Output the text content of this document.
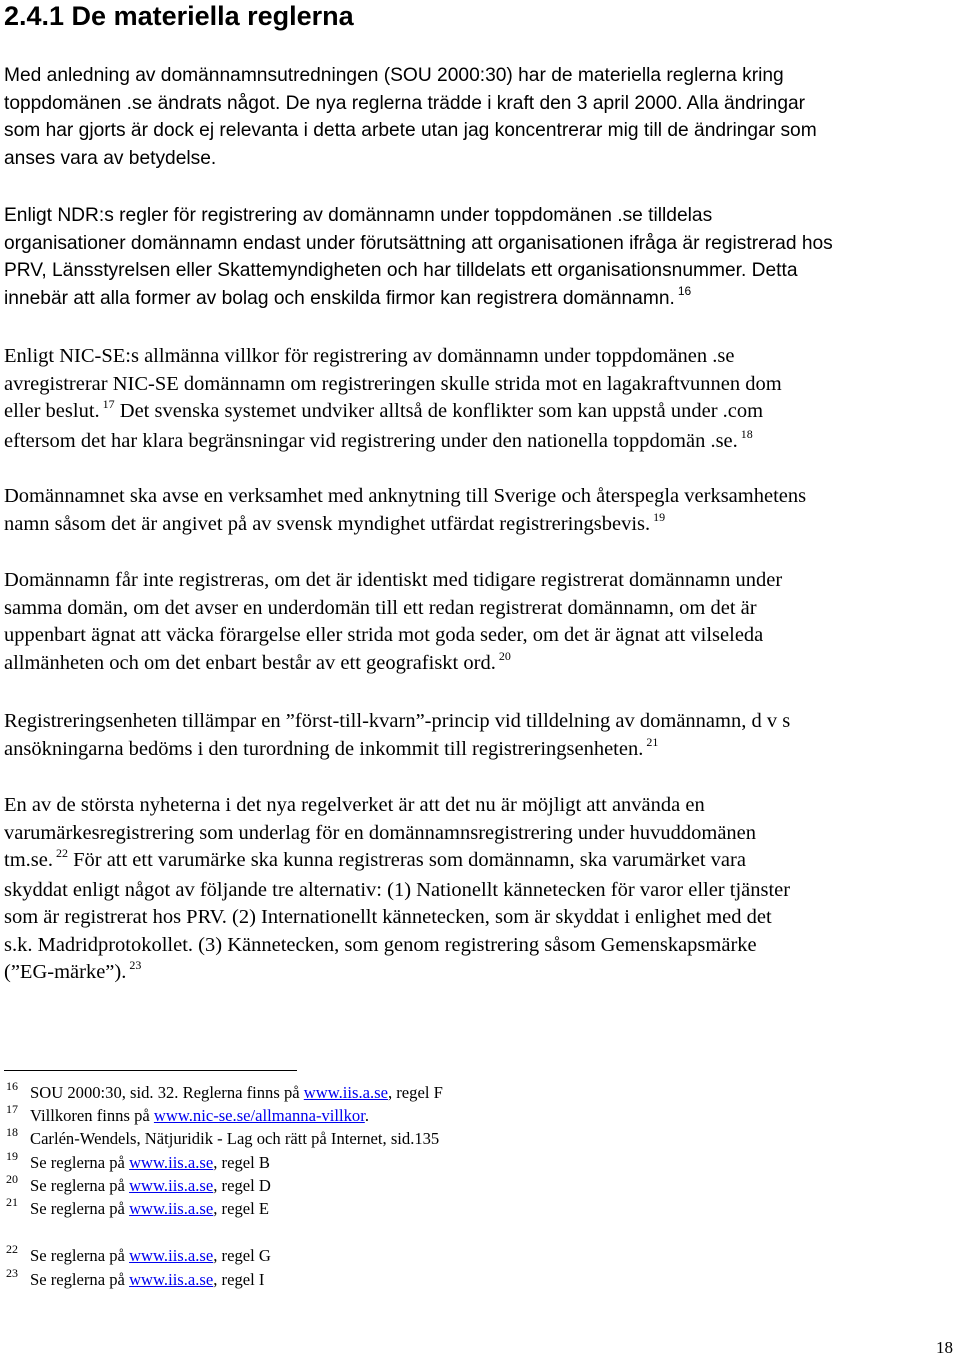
2.4.1 De materiella reglerna

Med anledning av domännamnsutredningen (SOU 2000:30) har de materiella reglerna kring
toppdomänen .se ändrats något. De nya reglerna trädde i kraft den 3 april 2000. Alla ändringar
som har gjorts är dock ej relevanta i detta arbete utan jag koncentrerar mig till de ändringar som
anses vara av betydelse.

Enligt NDR:s regler för registrering av domännamn under toppdomänen .se tilldelas
organisationer domännamn endast under förutsättning att organisationen ifråga är registrerad hos
PRV, Länsstyrelsen eller Skattemyndigheten och har tilldelats ett organisationsnummer. Detta
innebär att alla former av bolag och enskilda firmor kan registrera domännamn. $^{16}$

Enligt NIC-SE:s allmänna villkor för registrering av domännamn under toppdomänen .se
avregistrerar NIC-SE domännamn om registreringen skulle strida mot en lagakraftvunnen dom
eller beslut. $^{17}$ Det svenska systemet undviker alltså de konflikter som kan uppstå under .com
eftersom det har klara begränsningar vid registrering under den nationella toppdomän .se. $^{18}$

Domännamnet ska avse en verksamhet med anknytning till Sverige och återspegla verksamhetens
namn såsom det är angivet på av svensk myndighet utfärdat registreringsbevis. $^{19}$

Domännamn får inte registreras, om det är identiskt med tidigare registrerat domännamn under
samma domän, om det avser en underdomän till ett redan registrerat domännamn, om det är
uppenbart ägnat att väcka förargelse eller strida mot goda seder, om det är ägnat att vilseleda
allmänheten och om det enbart består av ett geografiskt ord. $^{20}$

Registreringsenheten tillämpar en ”först-till-kvarn”-princip vid tilldelning av domännamn, d v s
ansökningarna bedöms i den turordning de inkommit till registreringsenheten. $^{21}$

En av de största nyheterna i det nya regelverket är att det nu är möjligt att använda en
varumärkesregistrering som underlag för en domännamnsregistrering under huvuddomänen
tm.se. $^{22}$ För att ett varumärke ska kunna registreras som domännamn, ska varumärket vara
skyddat enligt något av följande tre alternativ: (1) Nationellt kännetecken för varor eller tjänster
som är registrerat hos PRV. (2) Internationellt kännetecken, som är skyddat i enlighet med det
s.k. Madridprotokollet. (3) Kännetecken, som genom registrering såsom Gemenskapsmärke
(”EG-märke”). $^{23}$

16 SOU 2000:30, sid. 32. Reglerna finns på www.iis.a.se, regel F
17 Villkoren finns på www.nic-se.se/allmanna-villkor.
18 Carlén-Wendels, Nätjuridik - Lag och rätt på Internet, sid.135
19 Se reglerna på www.iis.a.se, regel B
20 Se reglerna på www.iis.a.se, regel D
21 Se reglerna på www.iis.a.se, regel E
22 Se reglerna på www.iis.a.se, regel G
23 Se reglerna på www.iis.a.se, regel I
18
